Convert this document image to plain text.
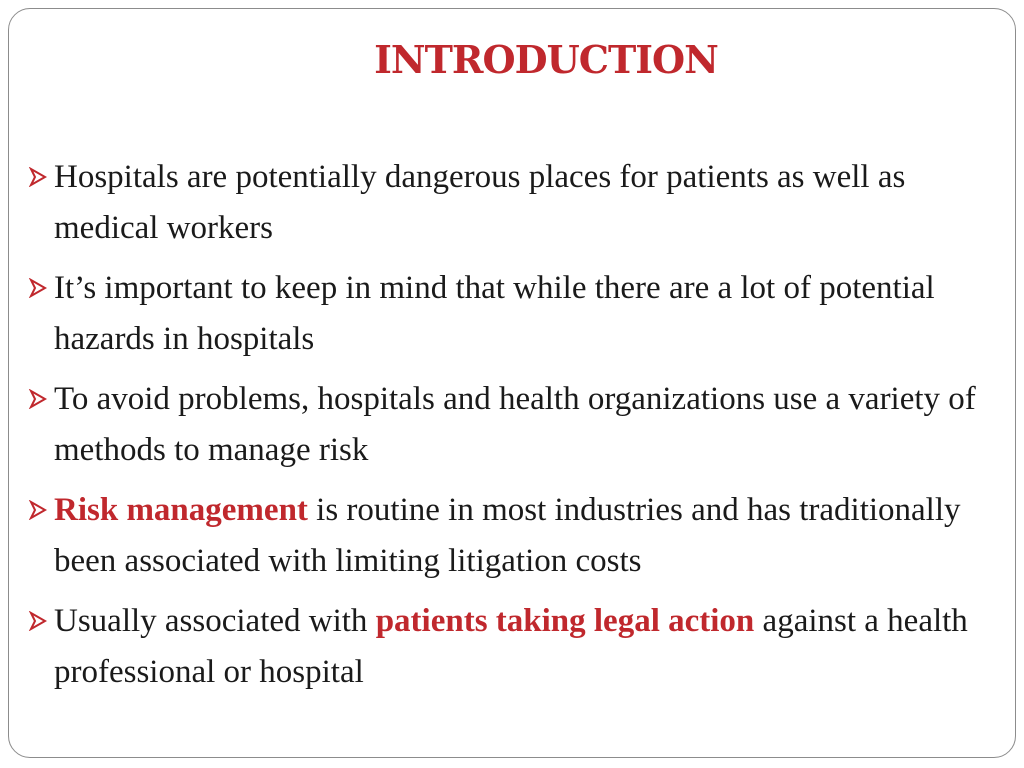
INTRODUCTION
Hospitals are potentially dangerous places for patients as well as medical workers
It’s important to keep in mind that while there are a lot of potential hazards in hospitals
To avoid problems, hospitals and health organizations use a variety of methods to manage risk
Risk management is routine in most industries and has traditionally been associated with limiting litigation costs
Usually associated with patients taking legal action against a health professional or hospital
